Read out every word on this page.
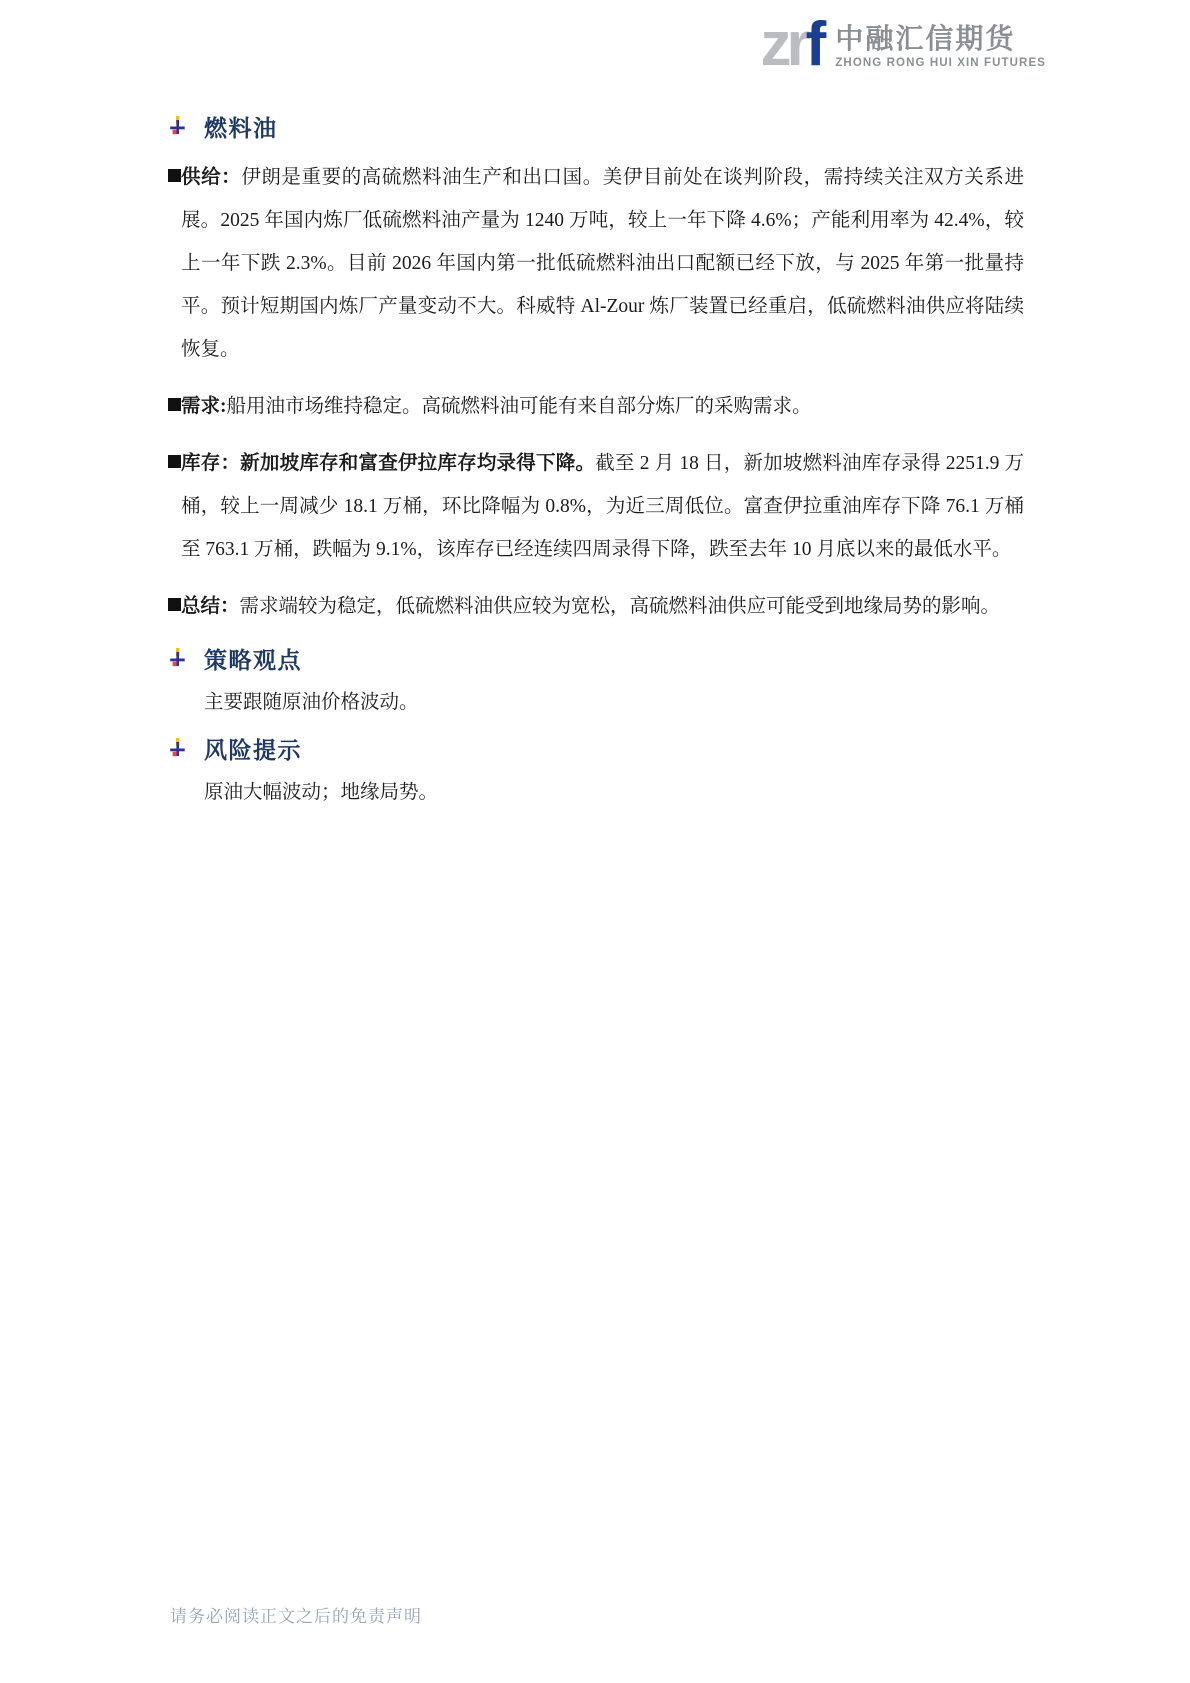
zrf 中融汇信期货
ZHONG RONG HUI XIN FUTURES
燃料油

供给：伊朗是重要的高硫燃料油生产和出口国。美伊目前处在谈判阶段，需持续关注双方关系进展。2025 年国内炼厂低硫燃料油产量为 1240 万吨，较上一年下降 4.6%；产能利用率为 42.4%，较上一年下跌 2.3%。目前 2026 年国内第一批低硫燃料油出口配额已经下放，与 2025 年第一批量持平。预计短期国内炼厂产量变动不大。科威特 Al-Zour 炼厂装置已经重启，低硫燃料油供应将陆续恢复。

需求:船用油市场维持稳定。高硫燃料油可能有来自部分炼厂的采购需求。

库存：新加坡库存和富查伊拉库存均录得下降。截至 2 月 18 日，新加坡燃料油库存录得 2251.9 万桶，较上一周减少 18.1 万桶，环比降幅为 0.8%，为近三周低位。富查伊拉重油库存下降 76.1 万桶至 763.1 万桶，跌幅为 9.1%，该库存已经连续四周录得下降，跌至去年 10 月底以来的最低水平。

总结：需求端较为稳定，低硫燃料油供应较为宽松，高硫燃料油供应可能受到地缘局势的影响。

策略观点

主要跟随原油价格波动。

风险提示

原油大幅波动；地缘局势。

请务必阅读正文之后的免责声明
